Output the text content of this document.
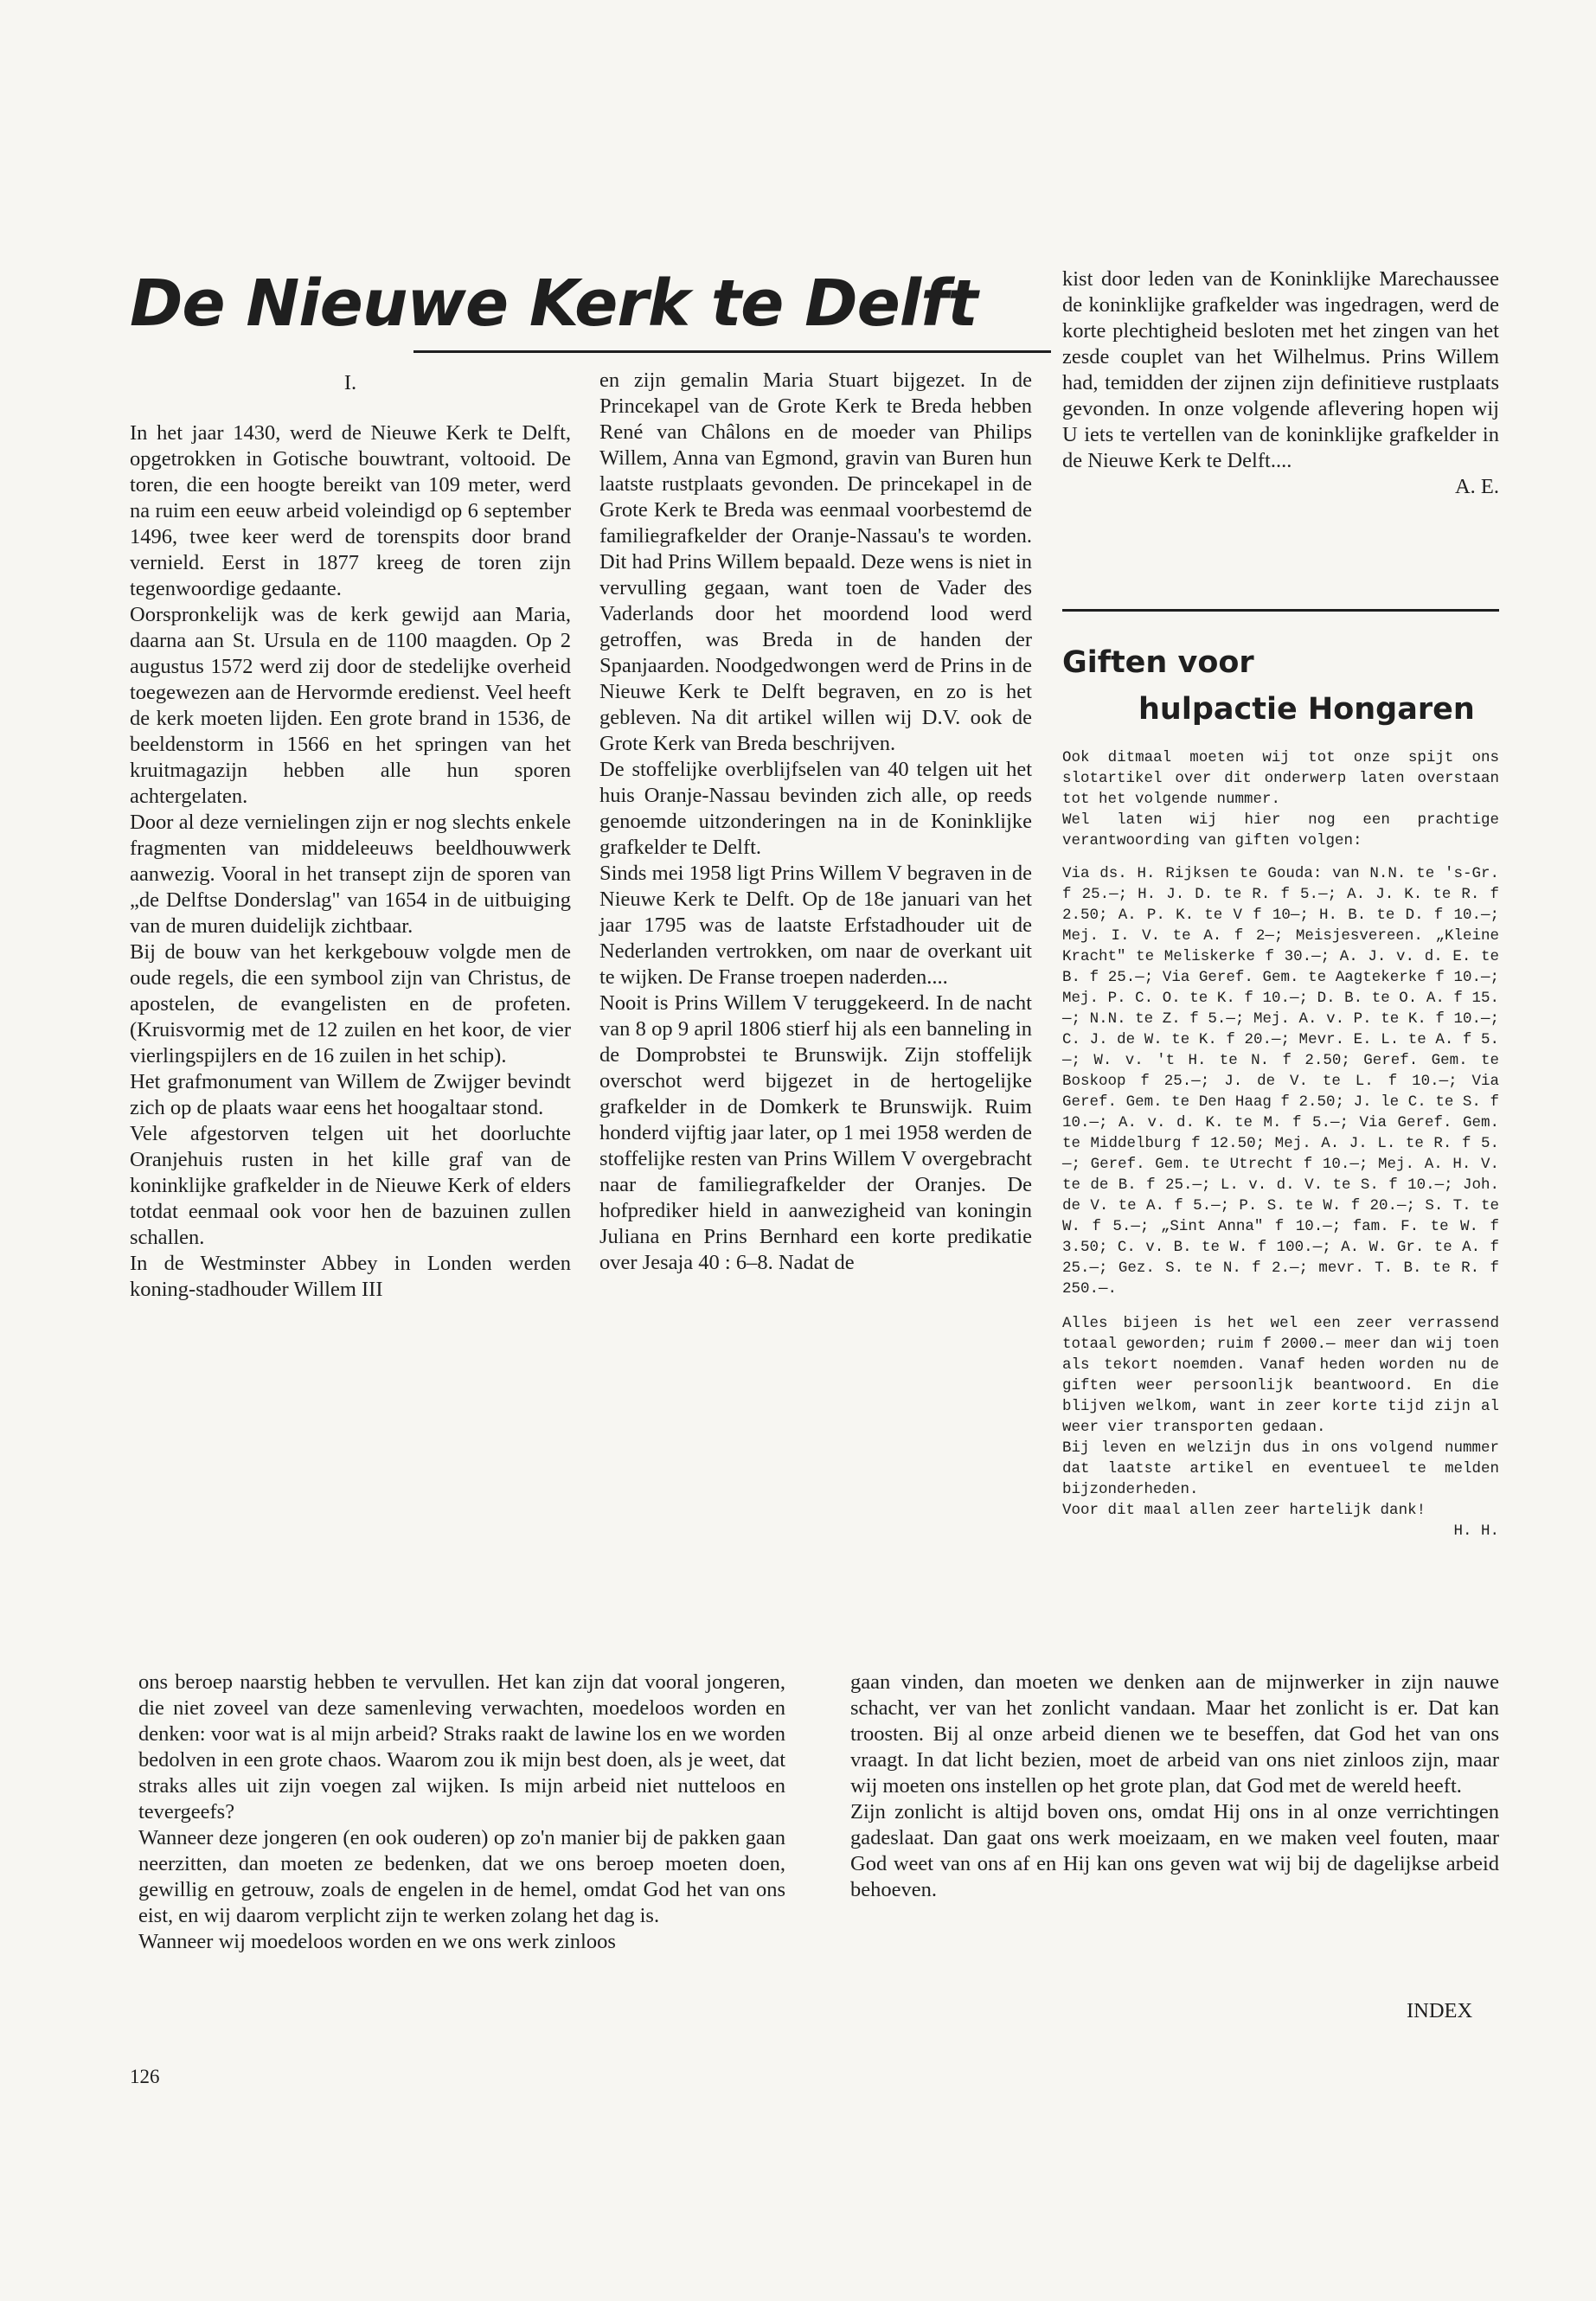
De Nieuwe Kerk te Delft

I.

In het jaar 1430, werd de Nieuwe Kerk te Delft, opgetrokken in Gotische bouwtrant, voltooid. De toren, die een hoogte bereikt van 109 meter, werd na ruim een eeuw arbeid voleindigd op 6 september 1496, twee keer werd de torenspits door brand vernield. Eerst in 1877 kreeg de toren zijn tegenwoordige gedaante.

Oorspronkelijk was de kerk gewijd aan Maria, daarna aan St. Ursula en de 1100 maagden. Op 2 augustus 1572 werd zij door de stedelijke overheid toegewezen aan de Hervormde eredienst. Veel heeft de kerk moeten lijden. Een grote brand in 1536, de beeldenstorm in 1566 en het springen van het kruitmagazijn hebben alle hun sporen achtergelaten.

Door al deze vernielingen zijn er nog slechts enkele fragmenten van middeleeuws beeldhouwwerk aanwezig. Vooral in het transept zijn de sporen van „de Delftse Donderslag" van 1654 in de uitbuiging van de muren duidelijk zichtbaar.

Bij de bouw van het kerkgebouw volgde men de oude regels, die een symbool zijn van Christus, de apostelen, de evangelisten en de profeten. (Kruisvormig met de 12 zuilen en het koor, de vier vierlingspijlers en de 16 zuilen in het schip).

Het grafmonument van Willem de Zwijger bevindt zich op de plaats waar eens het hoogaltaar stond.

Vele afgestorven telgen uit het doorluchte Oranjehuis rusten in het kille graf van de koninklijke grafkelder in de Nieuwe Kerk of elders totdat eenmaal ook voor hen de bazuinen zullen schallen.

In de Westminster Abbey in Londen werden koning-stadhouder Willem III

en zijn gemalin Maria Stuart bijgezet. In de Princekapel van de Grote Kerk te Breda hebben René van Châlons en de moeder van Philips Willem, Anna van Egmond, gravin van Buren hun laatste rustplaats gevonden. De princekapel in de Grote Kerk te Breda was eenmaal voorbestemd de familiegrafkelder der Oranje-Nassau's te worden. Dit had Prins Willem bepaald. Deze wens is niet in vervulling gegaan, want toen de Vader des Vaderlands door het moordend lood werd getroffen, was Breda in de handen der Spanjaarden. Noodgedwongen werd de Prins in de Nieuwe Kerk te Delft begraven, en zo is het gebleven. Na dit artikel willen wij D.V. ook de Grote Kerk van Breda beschrijven.

De stoffelijke overblijfselen van 40 telgen uit het huis Oranje-Nassau bevinden zich alle, op reeds genoemde uitzonderingen na in de Koninklijke grafkelder te Delft.

Sinds mei 1958 ligt Prins Willem V begraven in de Nieuwe Kerk te Delft. Op de 18e januari van het jaar 1795 was de laatste Erfstadhouder uit de Nederlanden vertrokken, om naar de overkant uit te wijken. De Franse troepen naderden....

Nooit is Prins Willem V teruggekeerd. In de nacht van 8 op 9 april 1806 stierf hij als een banneling in de Domprobstei te Brunswijk. Zijn stoffelijk overschot werd bijgezet in de hertogelijke grafkelder in de Domkerk te Brunswijk. Ruim honderd vijftig jaar later, op 1 mei 1958 werden de stoffelijke resten van Prins Willem V overgebracht naar de familiegrafkelder der Oranjes. De hofprediker hield in aanwezigheid van koningin Juliana en Prins Bernhard een korte predikatie over Jesaja 40 : 6–8. Nadat de

kist door leden van de Koninklijke Marechaussee de koninklijke grafkelder was ingedragen, werd de korte plechtigheid besloten met het zingen van het zesde couplet van het Wilhelmus. Prins Willem had, temidden der zijnen zijn definitieve rustplaats gevonden. In onze volgende aflevering hopen wij U iets te vertellen van de koninklijke grafkelder in de Nieuwe Kerk te Delft....

A. E.

Giften voor
hulpactie Hongaren

Ook ditmaal moeten wij tot onze spijt ons slotartikel over dit onderwerp laten overstaan tot het volgende nummer.

Wel laten wij hier nog een prachtige verantwoording van giften volgen:

Via ds. H. Rijksen te Gouda: van N.N. te 's-Gr. f 25.—; H. J. D. te R. f 5.—; A. J. K. te R. f 2.50; A. P. K. te V f 10—; H. B. te D. f 10.—; Mej. I. V. te A. f 2—; Meisjesvereen. „Kleine Kracht" te Meliskerke f 30.—; A. J. v. d. E. te B. f 25.—; Via Geref. Gem. te Aagtekerke f 10.—; Mej. P. C. O. te K. f 10.—; D. B. te O. A. f 15.—; N.N. te Z. f 5.—; Mej. A. v. P. te K. f 10.—; C. J. de W. te K. f 20.—; Mevr. E. L. te A. f 5.—; W. v. 't H. te N. f 2.50; Geref. Gem. te Boskoop f 25.—; J. de V. te L. f 10.—; Via Geref. Gem. te Den Haag f 2.50; J. le C. te S. f 10.—; A. v. d. K. te M. f 5.—; Via Geref. Gem. te Middelburg f 12.50; Mej. A. J. L. te R. f 5.—; Geref. Gem. te Utrecht f 10.—; Mej. A. H. V. te de B. f 25.—; L. v. d. V. te S. f 10.—; Joh. de V. te A. f 5.—; P. S. te W. f 20.—; S. T. te W. f 5.—; „Sint Anna" f 10.—; fam. F. te W. f 3.50; C. v. B. te W. f 100.—; A. W. Gr. te A. f 25.—; Gez. S. te N. f 2.—; mevr. T. B. te R. f 250.—.

Alles bijeen is het wel een zeer verrassend totaal geworden; ruim f 2000.— meer dan wij toen als tekort noemden. Vanaf heden worden nu de giften weer persoonlijk beantwoord. En die blijven welkom, want in zeer korte tijd zijn al weer vier transporten gedaan.

Bij leven en welzijn dus in ons volgend nummer dat laatste artikel en eventueel te melden bijzonderheden.

Voor dit maal allen zeer hartelijk dank!

H. H.

ons beroep naarstig hebben te vervullen. Het kan zijn dat vooral jongeren, die niet zoveel van deze samenleving verwachten, moedeloos worden en denken: voor wat is al mijn arbeid? Straks raakt de lawine los en we worden bedolven in een grote chaos. Waarom zou ik mijn best doen, als je weet, dat straks alles uit zijn voegen zal wijken. Is mijn arbeid niet nutteloos en tevergeefs?

Wanneer deze jongeren (en ook ouderen) op zo'n manier bij de pakken gaan neerzitten, dan moeten ze bedenken, dat we ons beroep moeten doen, gewillig en getrouw, zoals de engelen in de hemel, omdat God het van ons eist, en wij daarom verplicht zijn te werken zolang het dag is.

Wanneer wij moedeloos worden en we ons werk zinloos

gaan vinden, dan moeten we denken aan de mijnwerker in zijn nauwe schacht, ver van het zonlicht vandaan. Maar het zonlicht is er. Dat kan troosten. Bij al onze arbeid dienen we te beseffen, dat God het van ons vraagt. In dat licht bezien, moet de arbeid van ons niet zinloos zijn, maar wij moeten ons instellen op het grote plan, dat God met de wereld heeft.

Zijn zonlicht is altijd boven ons, omdat Hij ons in al onze verrichtingen gadeslaat. Dan gaat ons werk moeizaam, en we maken veel fouten, maar God weet van ons af en Hij kan ons geven wat wij bij de dagelijkse arbeid behoeven.

INDEX
126
